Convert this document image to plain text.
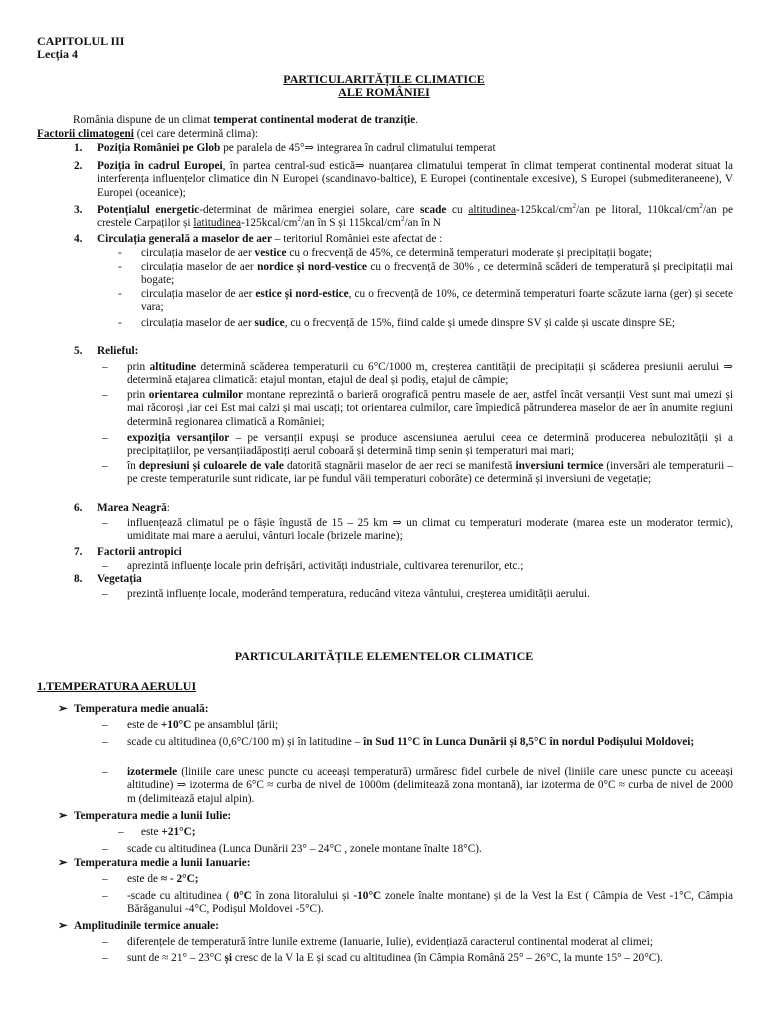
CAPITOLUL III
Lecția 4
PARTICULARITĂȚILE CLIMATICE
ALE ROMÂNIEI
România dispune de un climat temperat continental moderat de tranziție.
Factorii climatogeni (cei care determină clima):
1. Poziția României pe Glob pe paralela de 45°⇒ integrarea în cadrul climatului temperat
2. Poziția în cadrul Europei, în partea central-sud estică⇒ nuanțarea climatului temperat în climat temperat continental moderat situat la interferența influențelor climatice din N Europei (scandinavo-baltice), E Europei (continentale excesive), S Europei (submediteraneene), V Europei (oceanice);
3. Potențialul energetic-determinat de mărimea energiei solare, care scade cu altitudinea-$125kcal/cm^2/an$ pe litoral, $110kcal/cm^2/an$ pe crestele Carpaților și latitudinea-$125kcal/cm^2/an$ în S și $115kcal/cm^2/an$ în N
4. Circulația generală a maselor de aer – teritoriul României este afectat de :
- circulația maselor de aer vestice cu o frecvență de 45%, ce determină temperaturi moderate și precipitații bogate;
- circulația maselor de aer nordice și nord-vestice cu o frecvență de 30% , ce determină scăderi de temperatură și precipitații mai bogate;
- circulația maselor de aer estice și nord-estice, cu o frecvență de 10%, ce determină temperaturi foarte scăzute iarna (ger) și secete vara;
- circulația maselor de aer sudice, cu o frecvență de 15%, fiind calde și umede dinspre SV și calde și uscate dinspre SE;
5. Relieful:
– prin altitudine determină scăderea temperaturii cu 6°C/1000 m, creșterea cantității de precipitații și scăderea presiunii aerului ⇒ determină etajarea climatică: etajul montan, etajul de deal și podiș, etajul de câmpie;
– prin orientarea culmilor montane reprezintă o barieră orografică pentru masele de aer, astfel încât versanții Vest sunt mai umezi și mai răcoroși ,iar cei Est mai calzi și mai uscați; tot orientarea culmilor, care împiedică pătrunderea maselor de aer în anumite regiuni determină regionarea climatică a României;
– expoziția versanților – pe versanții expuși se produce ascensiunea aerului ceea ce determină producerea nebulozității și a precipitațiilor, pe versanțiiadăpostiți aerul coboară și determină timp senin și temperaturi mai mari;
– în depresiuni și culoarele de vale datorită stagnării maselor de aer reci se manifestă inversiuni termice (inversări ale temperaturii – pe creste temperaturile sunt ridicate, iar pe fundul văii temperaturi coborâte) ce determină și inversiuni de vegetație;
6. Marea Neagră:
– influențează climatul pe o fâșie îngustă de 15 – 25 km ⇒ un climat cu temperaturi moderate (marea este un moderator termic), umiditate mai mare a aerului, vânturi locale (brizele marine);
7. Factorii antropici
– aprezintă influențe locale prin defrișări, activități industriale, cultivarea terenurilor, etc.;
8. Vegetația
– prezintă influențe locale, moderând temperatura, reducând viteza vântului, creșterea umidității aerului.
PARTICULARITĂȚILE ELEMENTELOR CLIMATICE
1.TEMPERATURA AERULUI
➢ Temperatura medie anuală:
– este de +10°C pe ansamblul țării;
– scade cu altitudinea (0,6°C/100 m) și în latitudine – în Sud 11°C în Lunca Dunării și 8,5°C în nordul Podișului Moldovei;
– izotermele (liniile care unesc puncte cu aceeași temperatură) urmăresc fidel curbele de nivel (liniile care unesc puncte cu aceeași altitudine) ⇒ izoterma de 6°C ≈ curba de nivel de 1000m (delimitează zona montană), iar izoterma de 0°C ≈ curba de nivel de 2000 m (delimitează etajul alpin).
➢ Temperatura medie a lunii Iulie:
– este +21°C;
– scade cu altitudinea (Lunca Dunării 23° – 24°C , zonele montane înalte 18°C).
➢ Temperatura medie a lunii Ianuarie:
– este de ≈ - 2°C;
– -scade cu altitudinea ( 0°C în zona litoralului și -10°C zonele înalte montane) și de la Vest la Est ( Câmpia de Vest -1°C, Câmpia Bărăganului -4°C, Podișul Moldovei -5°C).
➢ Amplitudinile termice anuale:
– diferențele de temperatură între lunile extreme (Ianuarie, Iulie), evidențiază caracterul continental moderat al climei;
– sunt de ≈ 21° – 23°C și cresc de la V la E și scad cu altitudinea (în Câmpia Română 25° – 26°C, la munte 15° – 20°C).
